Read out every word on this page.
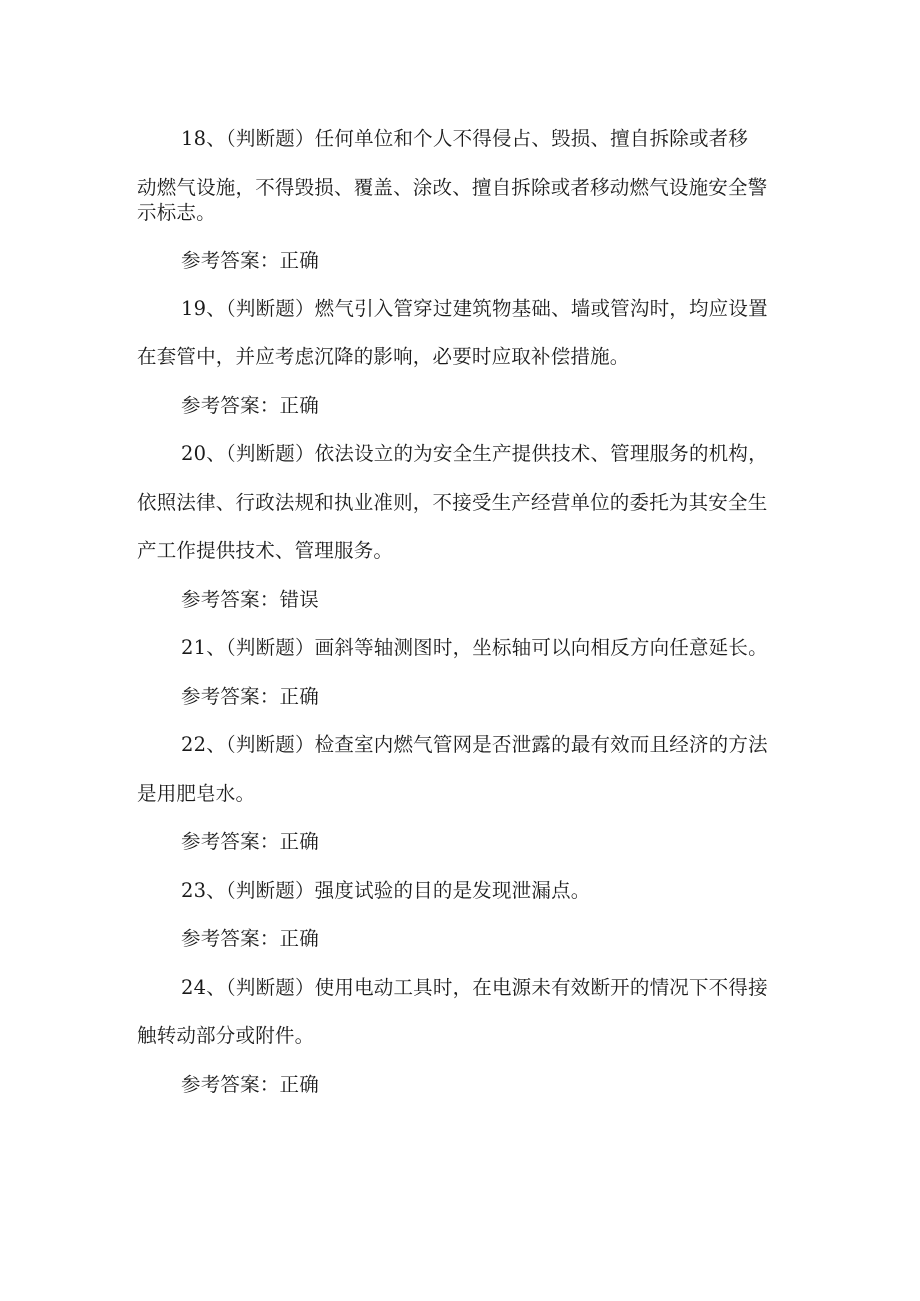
18、（判断题）任何单位和个人不得侵占、毁损、擅自拆除或者移
动燃气设施，不得毁损、覆盖、涂改、擅自拆除或者移动燃气设施安全警
示标志。
参考答案：正确
19、（判断题）燃气引入管穿过建筑物基础、墙或管沟时，均应设置
在套管中，并应考虑沉降的影响，必要时应取补偿措施。
参考答案：正确
20、（判断题）依法设立的为安全生产提供技术、管理服务的机构，
依照法律、行政法规和执业准则，不接受生产经营单位的委托为其安全生
产工作提供技术、管理服务。
参考答案：错误
21、（判断题）画斜等轴测图时，坐标轴可以向相反方向任意延长。
参考答案：正确
22、（判断题）检查室内燃气管网是否泄露的最有效而且经济的方法
是用肥皂水。
参考答案：正确
23、（判断题）强度试验的目的是发现泄漏点。
参考答案：正确
24、（判断题）使用电动工具时，在电源未有效断开的情况下不得接
触转动部分或附件。
参考答案：正确
